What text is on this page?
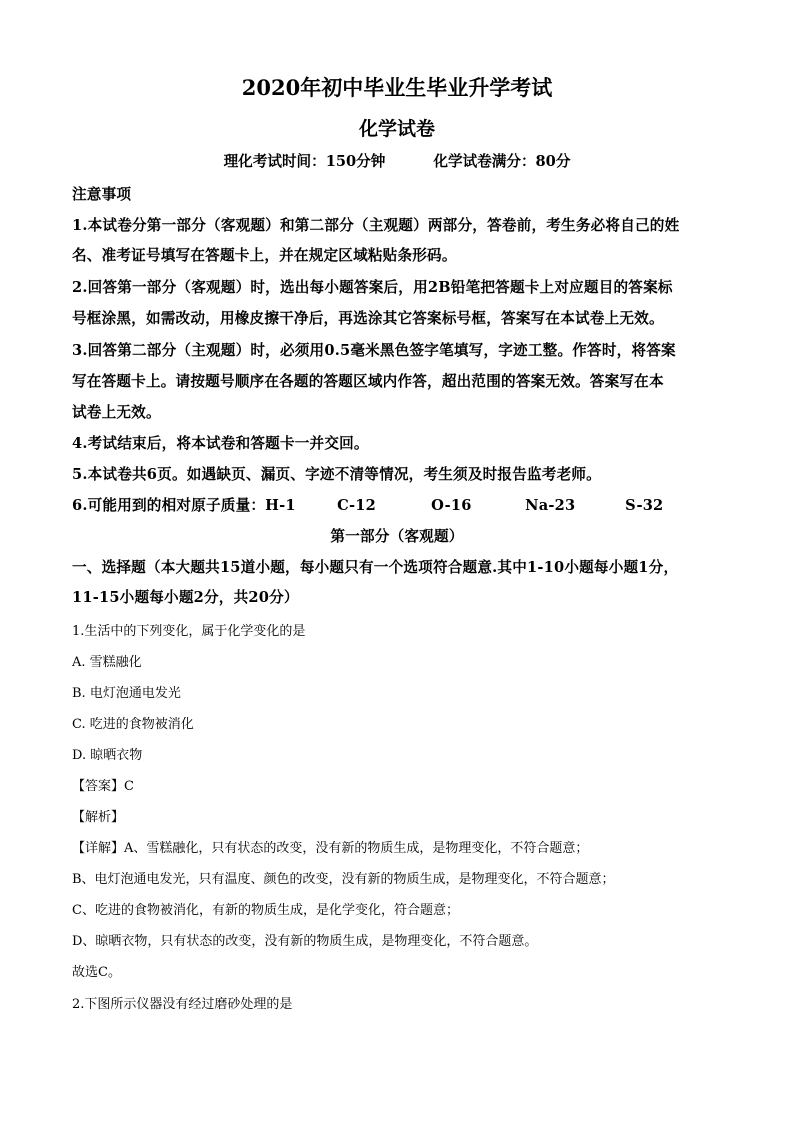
2020年初中毕业生毕业升学考试
化学试卷
理化考试时间：150分钟	化学试卷满分：80分
注意事项
1.本试卷分第一部分（客观题）和第二部分（主观题）两部分，答卷前，考生务必将自己的姓
名、准考证号填写在答题卡上，并在规定区域粘贴条形码。
2.回答第一部分（客观题）时，选出每小题答案后，用2B铅笔把答题卡上对应题目的答案标
号框涂黑，如需改动，用橡皮擦干净后，再选涂其它答案标号框，答案写在本试卷上无效。
3.回答第二部分（主观题）时，必须用0.5毫米黑色签字笔填写，字迹工整。作答时，将答案
写在答题卡上。请按题号顺序在各题的答题区域内作答，超出范围的答案无效。答案写在本
试卷上无效。
4.考试结束后，将本试卷和答题卡一并交回。
5.本试卷共6页。如遇缺页、漏页、字迹不清等情况，考生须及时报告监考老师。
6.可能用到的相对原子质量：H-1	C-12	O-16	Na-23	S-32
第一部分（客观题）
一、选择题（本大题共15道小题，每小题只有一个选项符合题意.其中1-10小题每小题1分，
11-15小题每小题2分，共20分）
1.生活中的下列变化，属于化学变化的是
A. 雪糕融化
B. 电灯泡通电发光
C. 吃进的食物被消化
D. 晾晒衣物
【答案】C
【解析】
【详解】A、雪糕融化，只有状态的改变，没有新的物质生成，是物理变化，不符合题意；
B、电灯泡通电发光，只有温度、颜色的改变，没有新的物质生成，是物理变化，不符合题意；
C、吃进的食物被消化，有新的物质生成，是化学变化，符合题意；
D、晾晒衣物，只有状态的改变，没有新的物质生成，是物理变化，不符合题意。
故选C。
2.下图所示仪器没有经过磨砂处理的是
